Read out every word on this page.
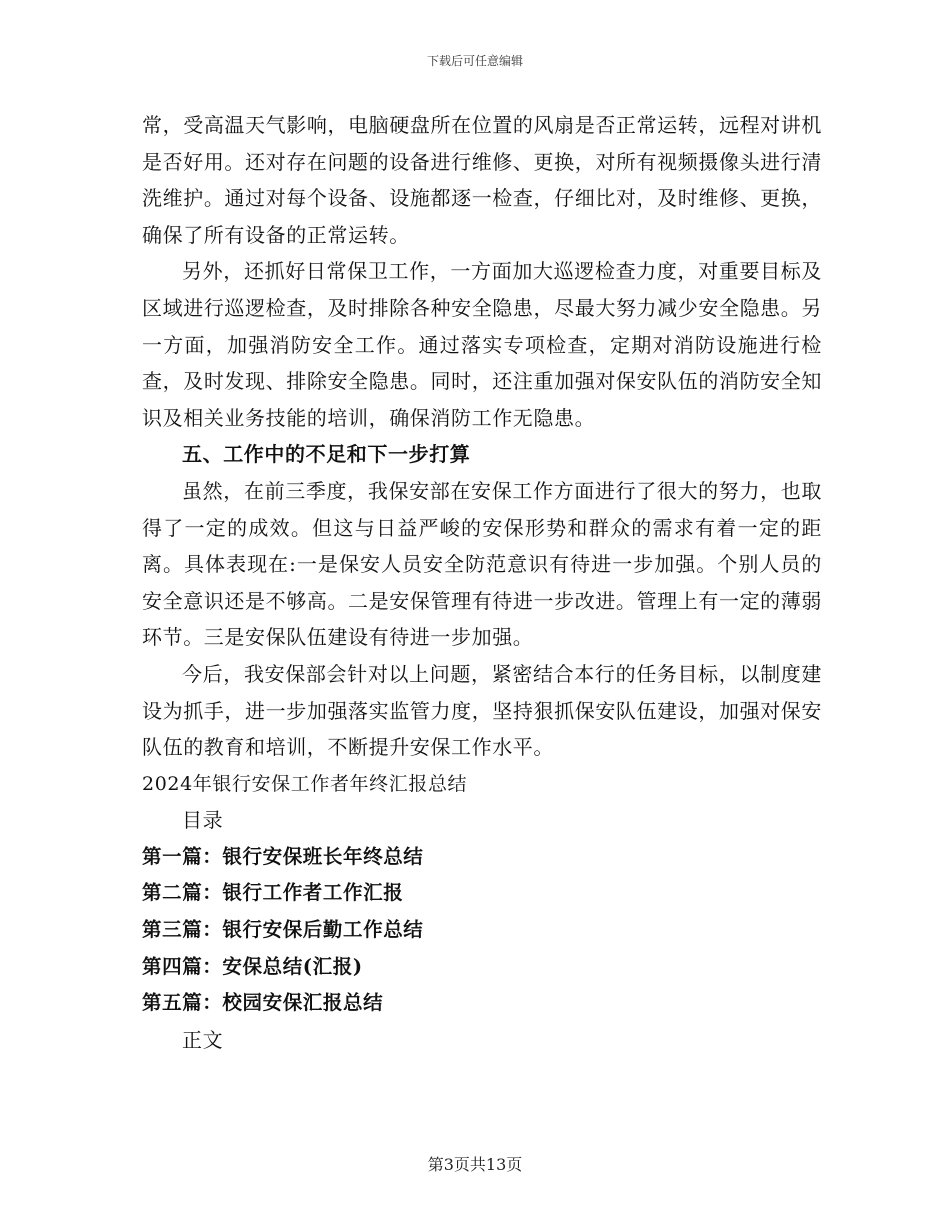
下载后可任意编辑

常，受高温天气影响，电脑硬盘所在位置的风扇是否正常运转，远程对讲机是否好用。还对存在问题的设备进行维修、更换，对所有视频摄像头进行清洗维护。通过对每个设备、设施都逐一检查，仔细比对，及时维修、更换，确保了所有设备的正常运转。

另外，还抓好日常保卫工作，一方面加大巡逻检查力度，对重要目标及区域进行巡逻检查，及时排除各种安全隐患，尽最大努力减少安全隐患。另一方面，加强消防安全工作。通过落实专项检查，定期对消防设施进行检查，及时发现、排除安全隐患。同时，还注重加强对保安队伍的消防安全知识及相关业务技能的培训，确保消防工作无隐患。

五、工作中的不足和下一步打算

虽然，在前三季度，我保安部在安保工作方面进行了很大的努力，也取得了一定的成效。但这与日益严峻的安保形势和群众的需求有着一定的距离。具体表现在:一是保安人员安全防范意识有待进一步加强。个别人员的安全意识还是不够高。二是安保管理有待进一步改进。管理上有一定的薄弱环节。三是安保队伍建设有待进一步加强。

今后，我安保部会针对以上问题，紧密结合本行的任务目标，以制度建设为抓手，进一步加强落实监管力度，坚持狠抓保安队伍建设，加强对保安队伍的教育和培训，不断提升安保工作水平。

2024年银行安保工作者年终汇报总结

目录

第一篇：银行安保班长年终总结

第二篇：银行工作者工作汇报

第三篇：银行安保后勤工作总结

第四篇：安保总结(汇报)

第五篇：校园安保汇报总结

正文

第3页共13页
